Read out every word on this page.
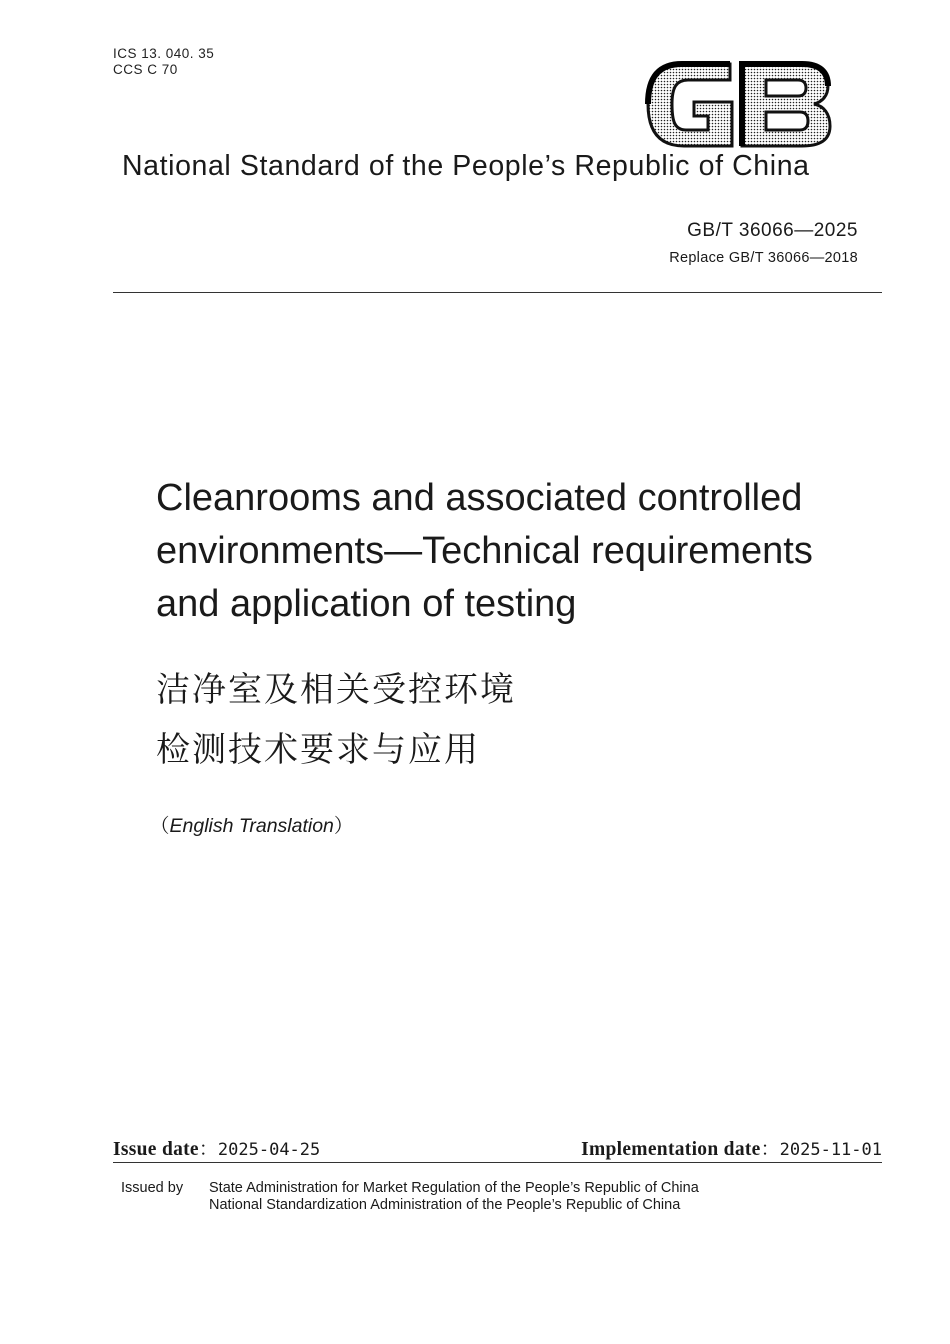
ICS 13. 040. 35
CCS C 70
National Standard of the People’s Republic of China
GB/T 36066—2025
Replace GB/T 36066—2018
Cleanrooms and associated controlled
environments—Technical requirements
and application of testing
洁净室及相关受控环境
检测技术要求与应用
（English Translation）
Issue date：2025-04-25	Implementation date：2025-11-01
Issued by State Administration for Market Regulation of the People’s Republic of China
National Standardization Administration of the People’s Republic of China
